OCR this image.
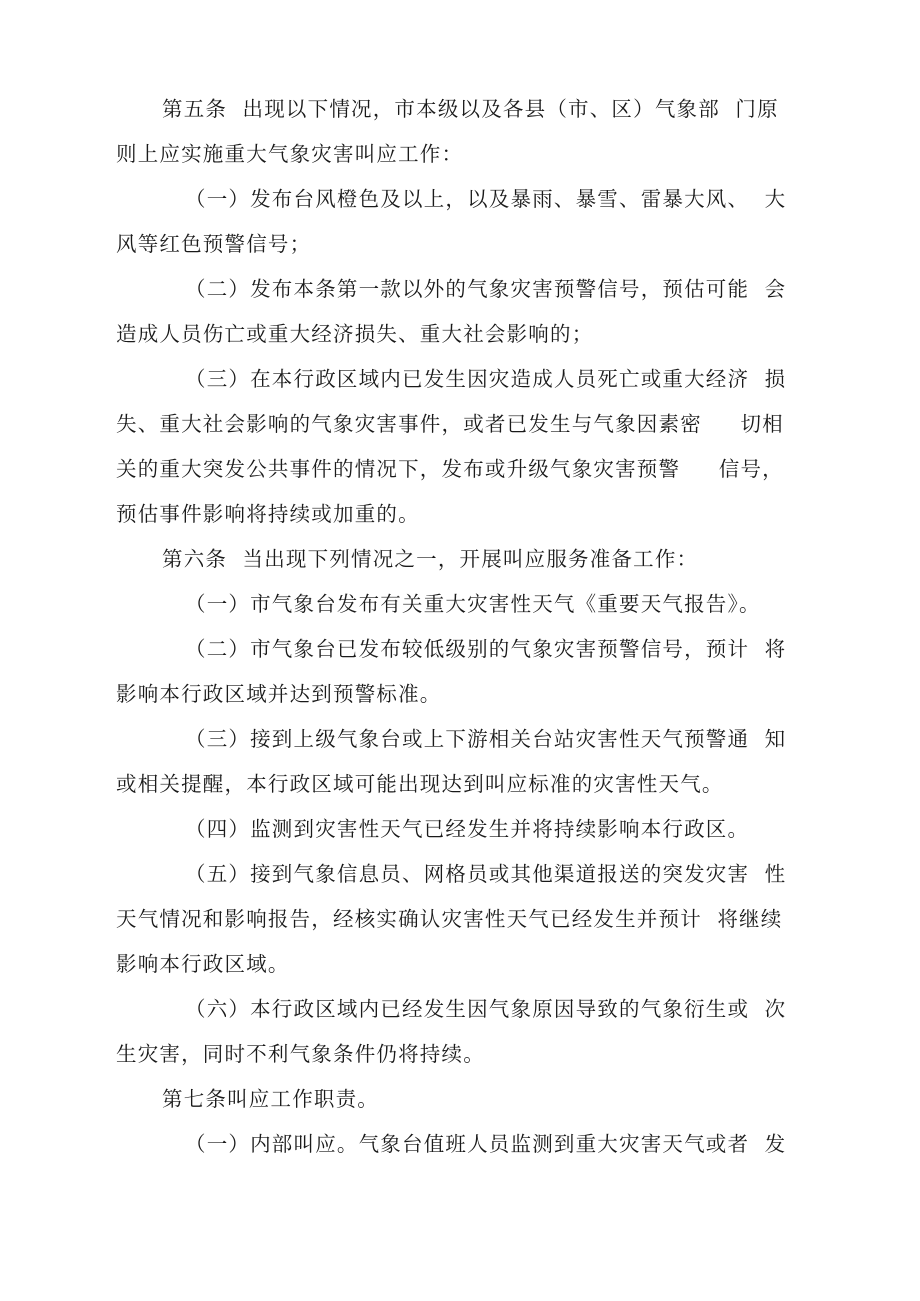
第五条  出现以下情况，市本级以及各县（市、区）气象部  门原
则上应实施重大气象灾害叫应工作：
（一）发布台风橙色及以上，以及暴雨、暴雪、雷暴大风、  大
风等红色预警信号；
（二）发布本条第一款以外的气象灾害预警信号，预估可能  会
造成人员伤亡或重大经济损失、重大社会影响的；
（三）在本行政区域内已发生因灾造成人员死亡或重大经济  损
失、重大社会影响的气象灾害事件，或者已发生与气象因素密     切相
关的重大突发公共事件的情况下，发布或升级气象灾害预警     信号，
预估事件影响将持续或加重的。
第六条  当出现下列情况之一，开展叫应服务准备工作：
（一）市气象台发布有关重大灾害性天气《重要天气报告》。
（二）市气象台已发布较低级别的气象灾害预警信号，预计  将
影响本行政区域并达到预警标准。
（三）接到上级气象台或上下游相关台站灾害性天气预警通  知
或相关提醒，本行政区域可能出现达到叫应标准的灾害性天气。
（四）监测到灾害性天气已经发生并将持续影响本行政区。
（五）接到气象信息员、网格员或其他渠道报送的突发灾害  性
天气情况和影响报告，经核实确认灾害性天气已经发生并预计  将继续
影响本行政区域。
（六）本行政区域内已经发生因气象原因导致的气象衍生或  次
生灾害，同时不利气象条件仍将持续。
第七条叫应工作职责。
（一）内部叫应。气象台值班人员监测到重大灾害天气或者  发
